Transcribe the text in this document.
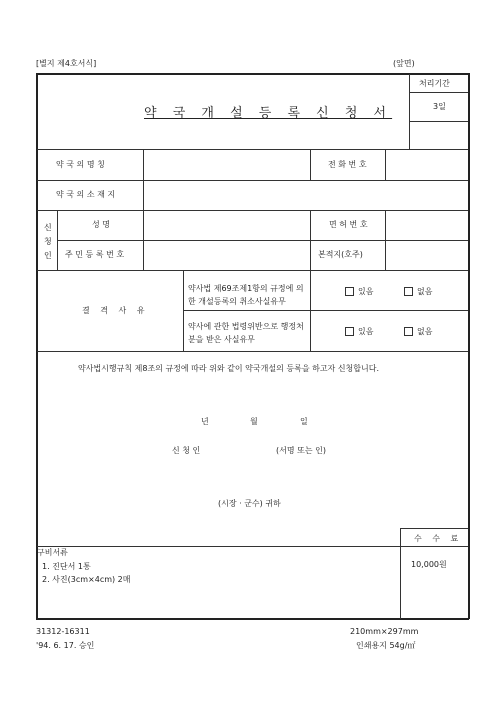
[별지 제4호서식]	(앞면)
약 국 개 설 등 록 신 청 서
처리기간
3일
약 국 의 명 칭	전 화 번 호
약 국 의 소 재 지
신청인
성 명	면 허 번 호
주 민 등 록 번 호	본적지(호주)
결 격 사 유
약사법 제69조제1항의 규정에 의한 개설등록의 취소사실유무
있음	없음
약사에 관한 법령위반으로 행정처분을 받은 사실유무
있음	없음
약사법시행규칙 제8조의 규정에 따라 위와 같이 약국개설의 등록을 하고자 신청합니다.
년	월	일
신 청 인	(서명 또는 인)
(시장 · 군수) 귀하
수 수 료
10,000원
구비서류
1. 진단서 1통
2. 사진(3cm×4cm) 2매
31312-16311	210mm×297mm
'94. 6. 17. 승인	인쇄용지 54g/㎡
